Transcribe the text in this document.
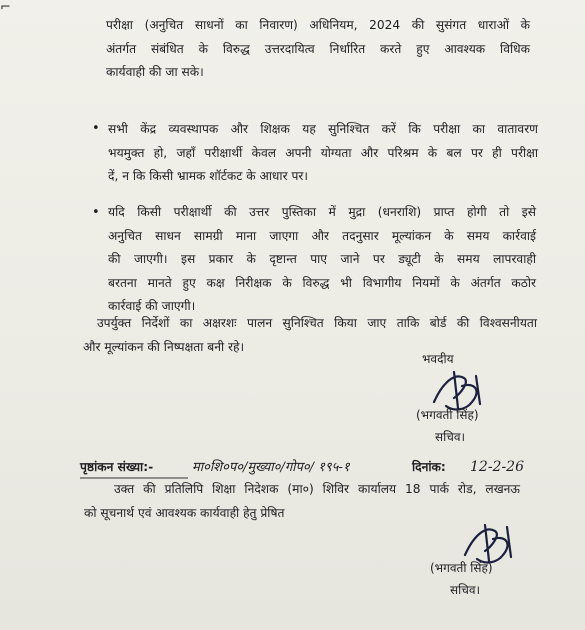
⌐
परीक्षा (अनुचित साधनों का निवारण) अधिनियम, 2024 की सुसंगत धाराओं के
अंतर्गत संबंधित के विरुद्ध उत्तरदायित्व निर्धारित करते हुए आवश्यक विधिक
कार्यवाही की जा सके।
• सभी केंद्र व्यवस्थापक और शिक्षक यह सुनिश्चित करें कि परीक्षा का वातावरण
भयमुक्त हो, जहाँ परीक्षार्थी केवल अपनी योग्यता और परिश्रम के बल पर ही परीक्षा
दें, न कि किसी भ्रामक शॉर्टकट के आधार पर।
• यदि किसी परीक्षार्थी की उत्तर पुस्तिका में मुद्रा (धनराशि) प्राप्त होगी तो इसे
अनुचित साधन सामग्री माना जाएगा और तदनुसार मूल्यांकन के समय कार्रवाई
की जाएगी। इस प्रकार के दृष्टान्त पाए जाने पर ड्यूटी के समय लापरवाही
बरतना मानते हुए कक्ष निरीक्षक के विरुद्ध भी विभागीय नियमों के अंतर्गत कठोर
कार्रवाई की जाएगी।
उपर्युक्त निर्देशों का अक्षरशः पालन सुनिश्चित किया जाए ताकि बोर्ड की विश्वसनीयता
और मूल्यांकन की निष्पक्षता बनी रहे।
भवदीय
(भगवती सिंह)
सचिव।
पृष्ठांकन संख्या:-	मा०शि०प०/मुख्या०/गोप०/ १९५-१	दिनांक: 12-2-26
उक्त की प्रतिलिपि शिक्षा निदेशक (मा०) शिविर कार्यालय 18 पार्क रोड, लखनऊ
को सूचनार्थ एवं आवश्यक कार्यवाही हेतु प्रेषित
(भगवती सिंह)
सचिव।
